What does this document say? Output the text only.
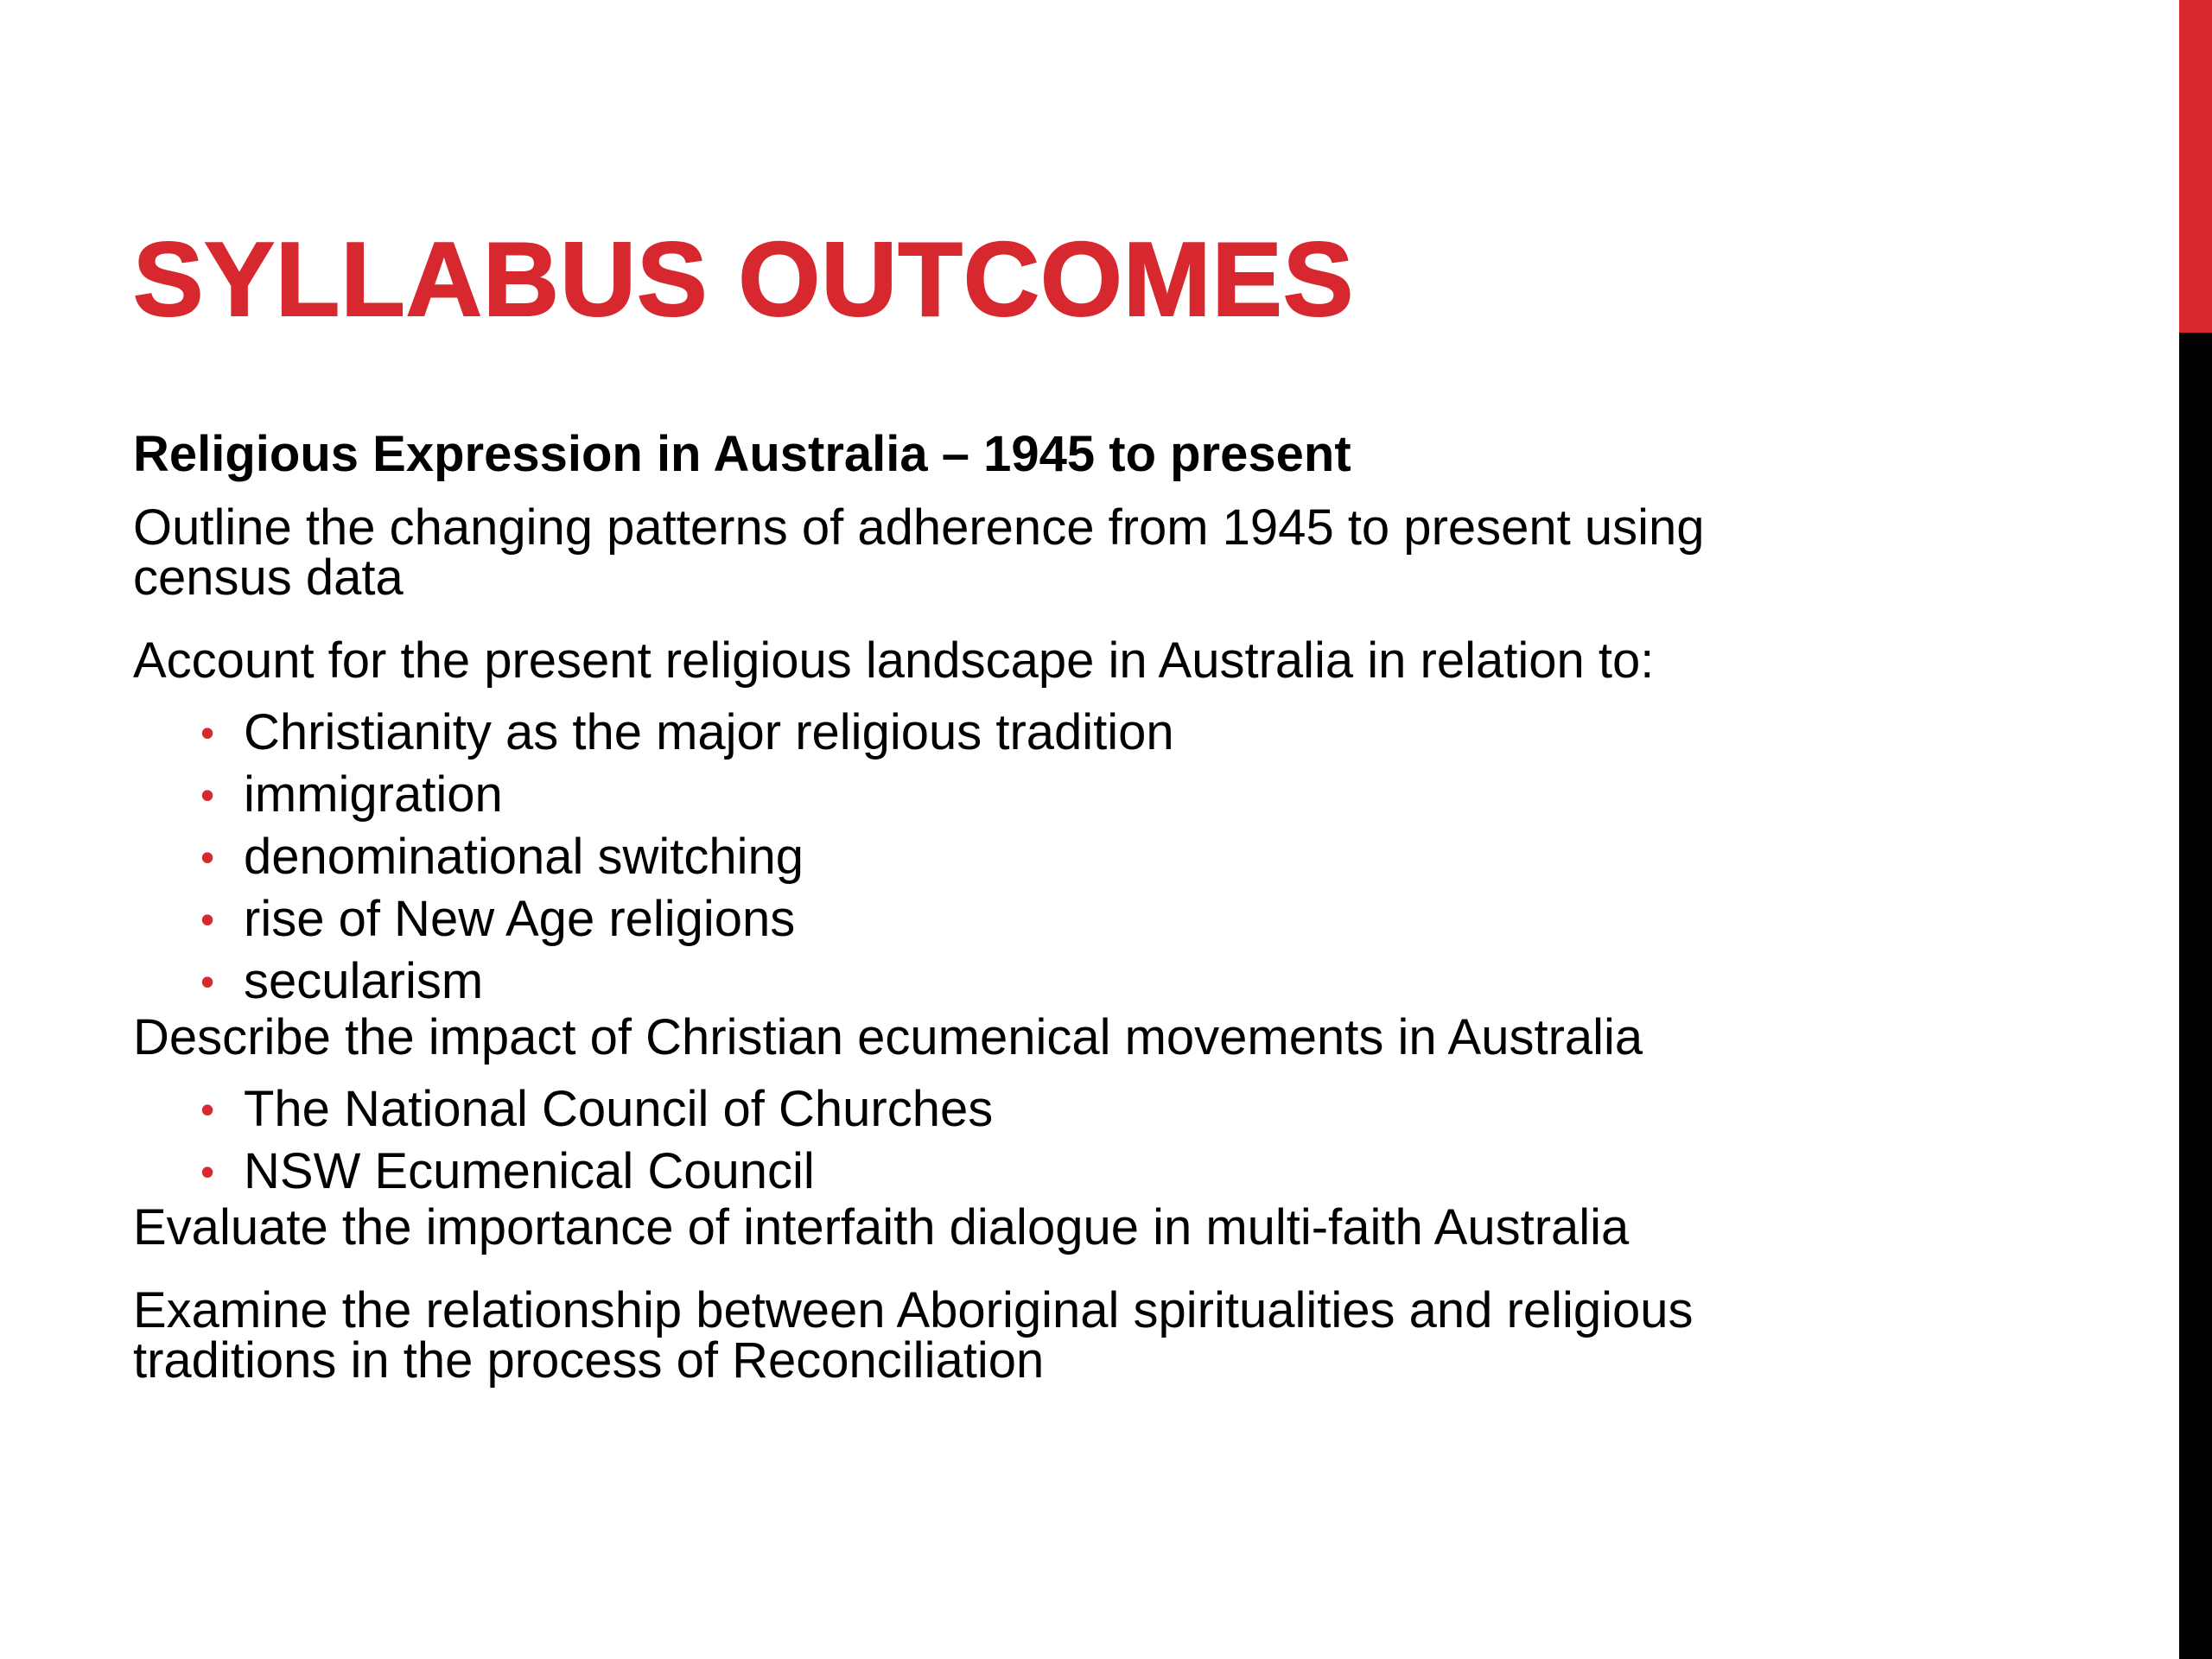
SYLLABUS OUTCOMES
Religious Expression in Australia – 1945 to present
Outline the changing patterns of adherence from 1945 to present using census data
Account for the present religious landscape in Australia in relation to:
• Christianity as the major religious tradition
• immigration
• denominational switching
• rise of New Age religions
• secularism
Describe the impact of Christian ecumenical movements in Australia
• The National Council of Churches
• NSW Ecumenical Council
Evaluate the importance of interfaith dialogue in multi-faith Australia
Examine the relationship between Aboriginal spiritualities and religious traditions in the process of Reconciliation
